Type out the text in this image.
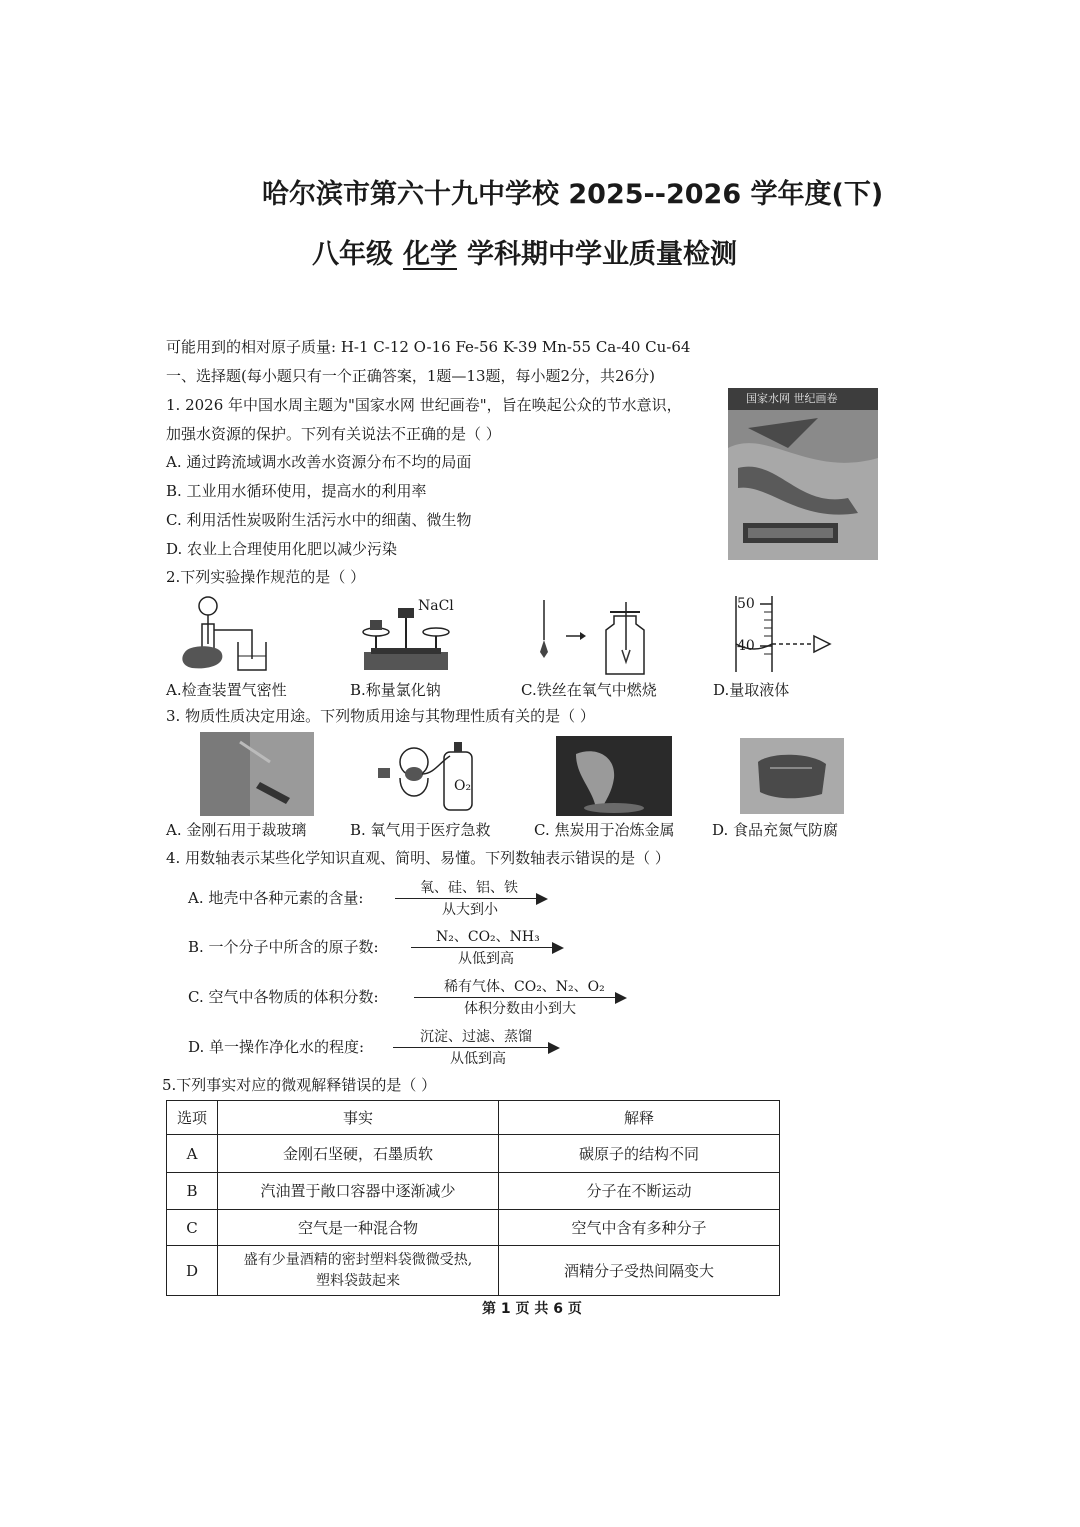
哈尔滨市第六十九中学校 2025--2026 学年度(下)
八年级 化学 学科期中学业质量检测
可能用到的相对原子质量: H-1 C-12 O-16 Fe-56 K-39 Mn-55 Ca-40 Cu-64
一、选择题(每小题只有一个正确答案，1题—13题，每小题2分，共26分)
1. 2026 年中国水周主题为"国家水网 世纪画卷"，旨在唤起公众的节水意识，
加强水资源的保护。下列有关说法不正确的是（ ）
A. 通过跨流域调水改善水资源分布不均的局面
B. 工业用水循环使用，提高水的利用率
C. 利用活性炭吸附生活污水中的细菌、微生物
D. 农业上合理使用化肥以减少污染
国家水网 世纪画卷
2.下列实验操作规范的是（ ）
NaCl	50
40
A.检查装置气密性	B.称量氯化钠	C.铁丝在氧气中燃烧	D.量取液体
3. 物质性质决定用途。下列物质用途与其物理性质有关的是（ ）
O₂
A. 金刚石用于裁玻璃	B. 氧气用于医疗急救	C. 焦炭用于冶炼金属	D. 食品充氮气防腐
4. 用数轴表示某些化学知识直观、简明、易懂。下列数轴表示错误的是（ ）
A. 地壳中各种元素的含量:
氧、硅、铝、铁
从大到小
B. 一个分子中所含的原子数:
N₂、CO₂、NH₃
从低到高
C. 空气中各物质的体积分数:
稀有气体、CO₂、N₂、O₂
体积分数由小到大
D. 单一操作净化水的程度:
沉淀、过滤、蒸馏
从低到高
5.下列事实对应的微观解释错误的是（ ）
选项	事实	解释
A	金刚石坚硬，石墨质软	碳原子的结构不同
B	汽油置于敞口容器中逐渐减少	分子在不断运动
C	空气是一种混合物	空气中含有多种分子
D	盛有少量酒精的密封塑料袋微微受热,
塑料袋鼓起来	酒精分子受热间隔变大
第 1 页 共 6 页
